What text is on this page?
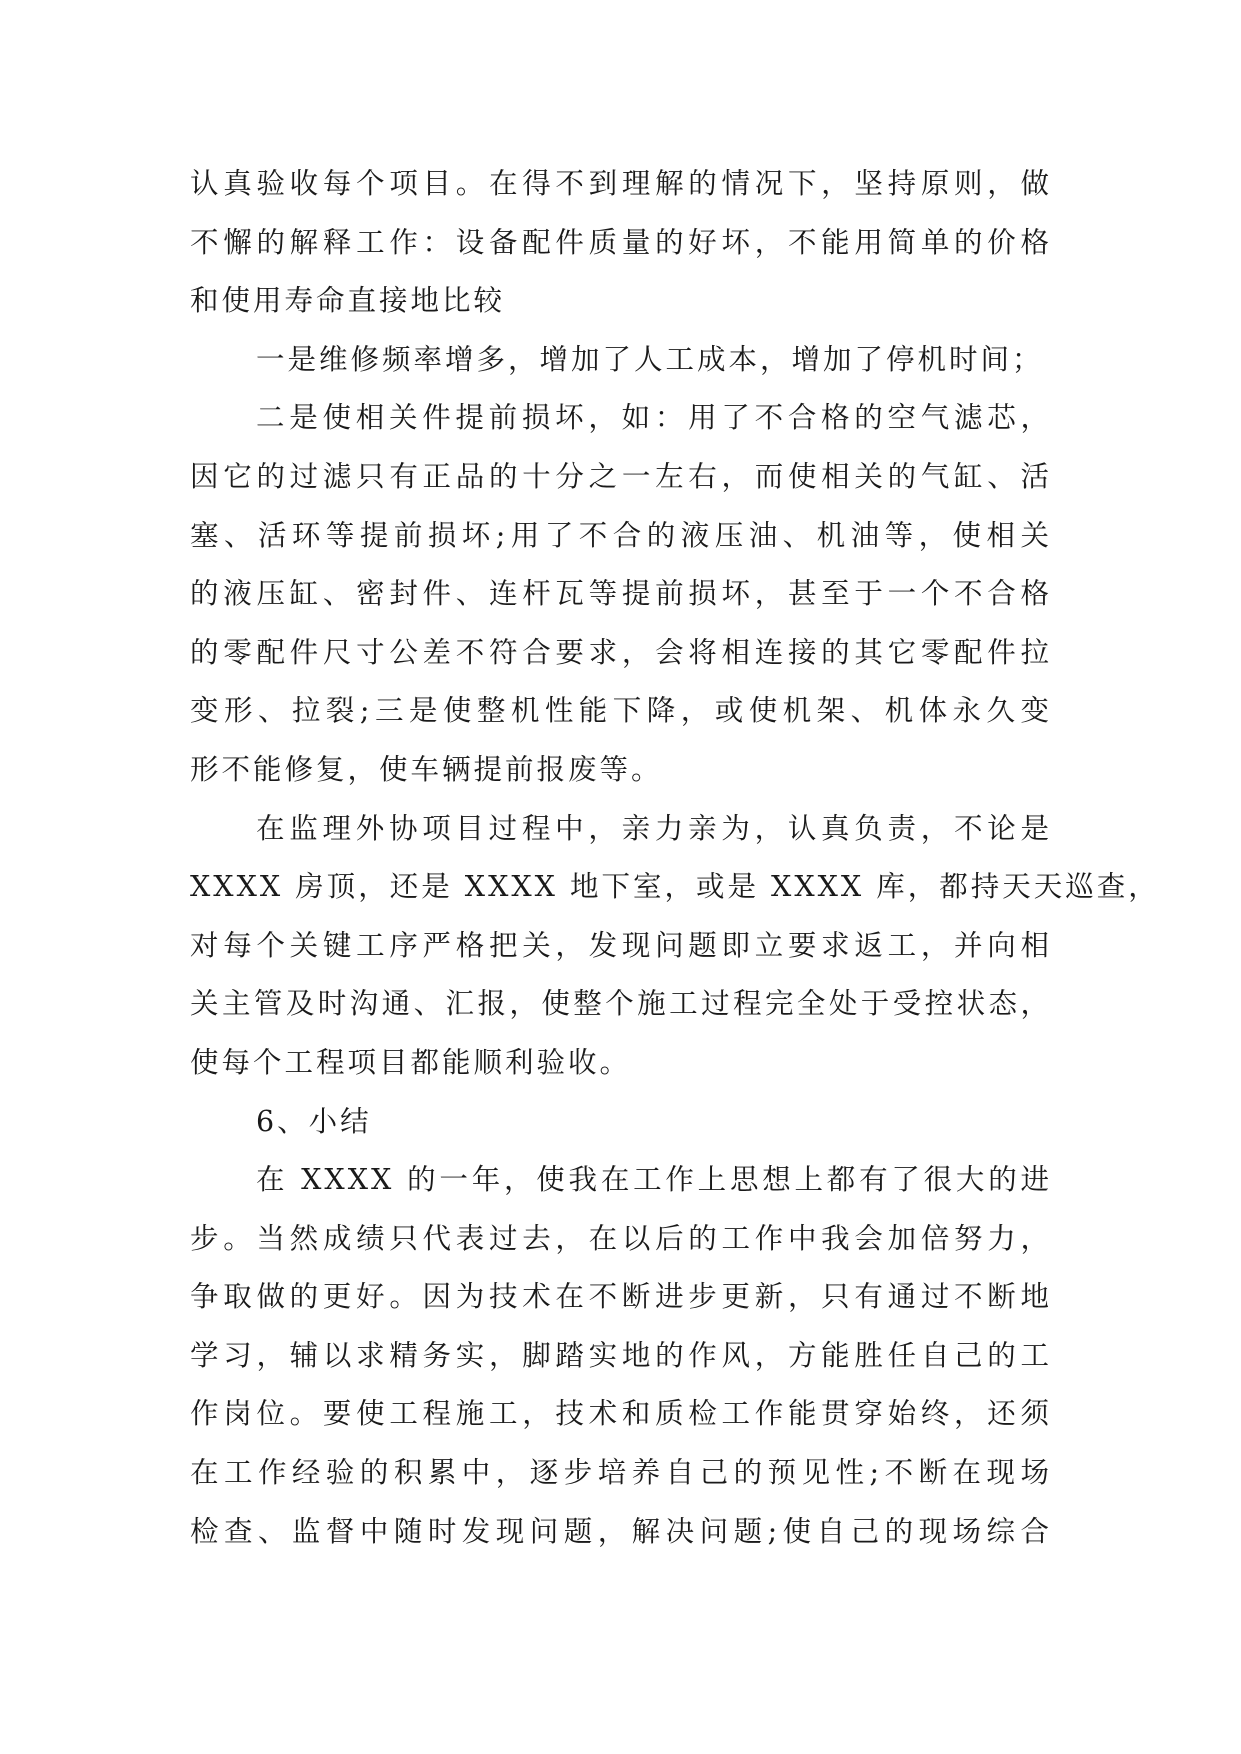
认真验收每个项目。在得不到理解的情况下，坚持原则，做
不懈的解释工作：设备配件质量的好坏，不能用简单的价格
和使用寿命直接地比较
一是维修频率增多，增加了人工成本，增加了停机时间；
二是使相关件提前损坏，如：用了不合格的空气滤芯，
因它的过滤只有正品的十分之一左右，而使相关的气缸、活
塞、活环等提前损坏;用了不合的液压油、机油等，使相关
的液压缸、密封件、连杆瓦等提前损坏，甚至于一个不合格
的零配件尺寸公差不符合要求，会将相连接的其它零配件拉
变形、拉裂;三是使整机性能下降，或使机架、机体永久变
形不能修复，使车辆提前报废等。
在监理外协项目过程中，亲力亲为，认真负责，不论是
XXXX 房顶，还是 XXXX 地下室，或是 XXXX 库，都持天天巡查，
对每个关键工序严格把关，发现问题即立要求返工，并向相
关主管及时沟通、汇报，使整个施工过程完全处于受控状态，
使每个工程项目都能顺利验收。
6、小结
在 XXXX 的一年，使我在工作上思想上都有了很大的进
步。当然成绩只代表过去，在以后的工作中我会加倍努力，
争取做的更好。因为技术在不断进步更新，只有通过不断地
学习，辅以求精务实，脚踏实地的作风，方能胜任自己的工
作岗位。要使工程施工，技术和质检工作能贯穿始终，还须
在工作经验的积累中，逐步培养自己的预见性;不断在现场
检查、监督中随时发现问题，解决问题;使自己的现场综合
